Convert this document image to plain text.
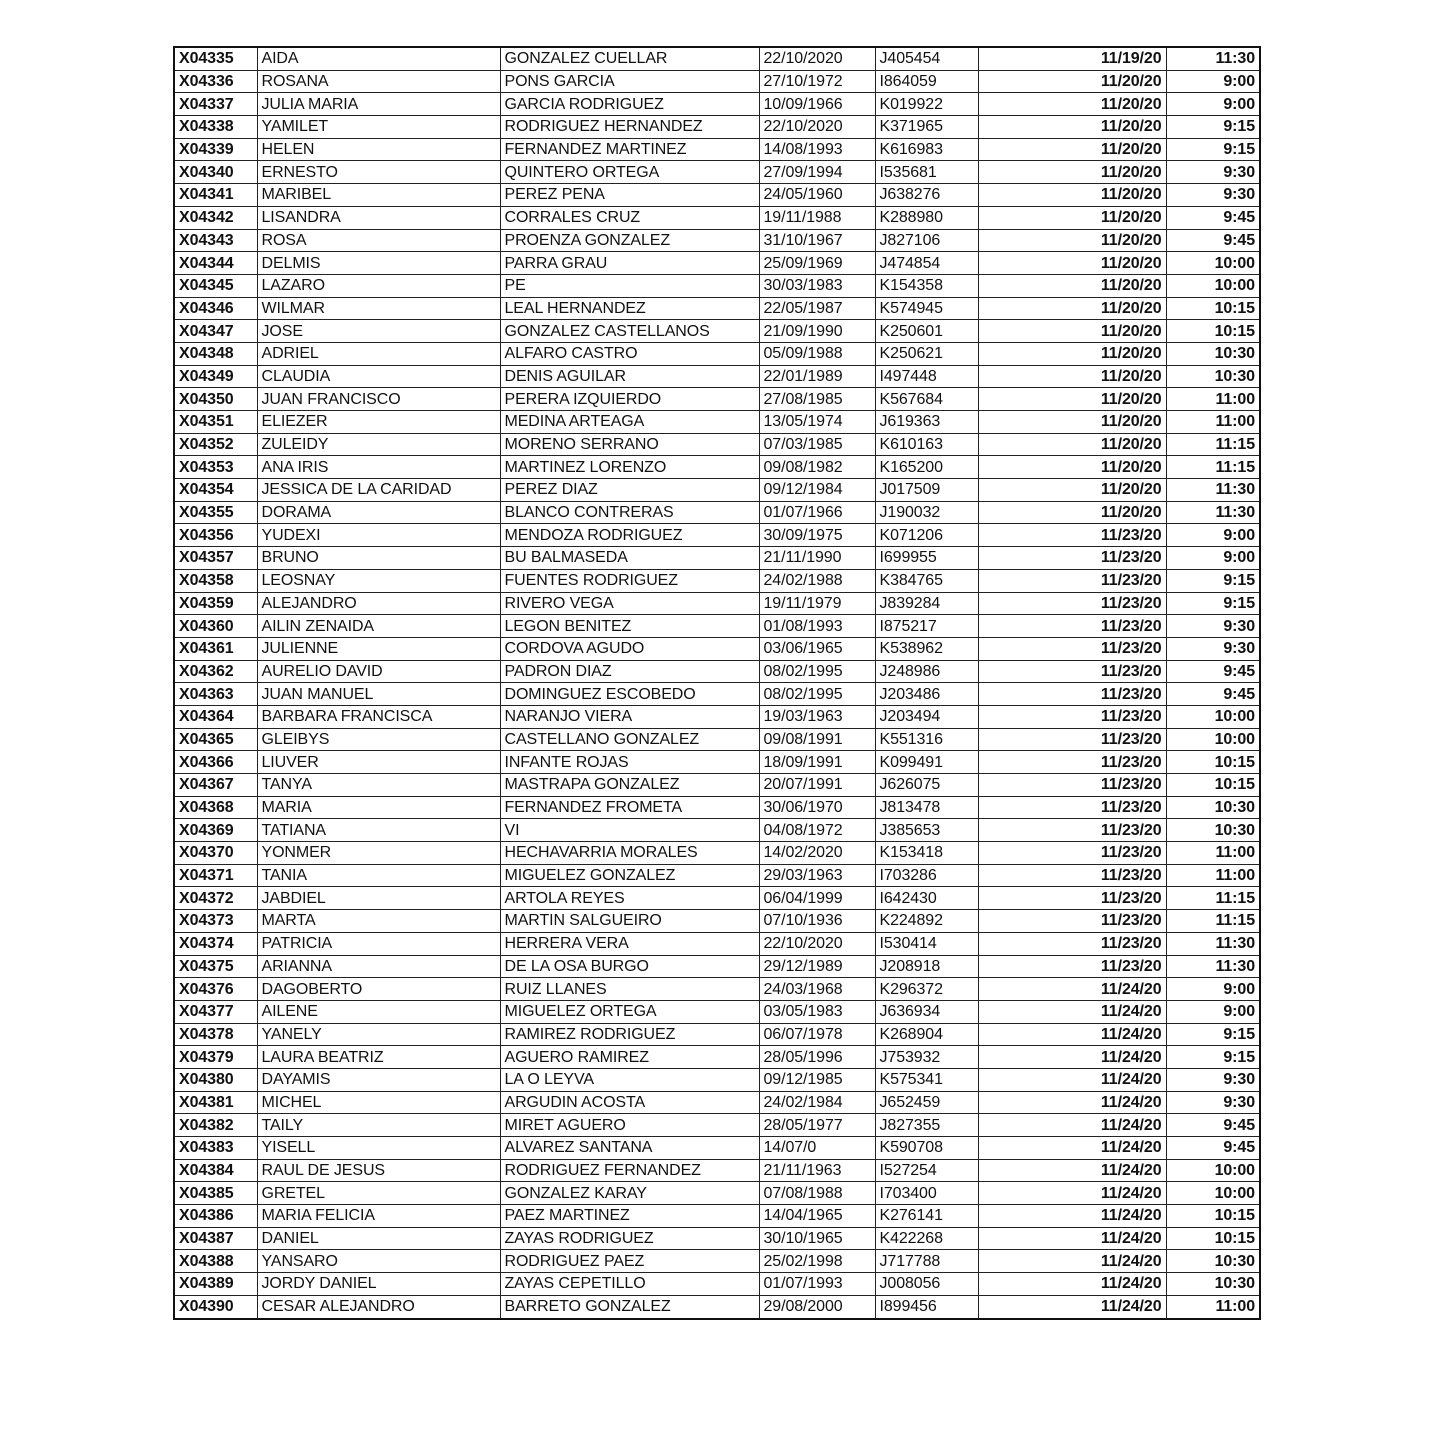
X04335	AIDA	GONZALEZ CUELLAR	22/10/2020	J405454	11/19/20	11:30
X04336	ROSANA	PONS GARCIA	27/10/1972	I864059	11/20/20	9:00
X04337	JULIA MARIA	GARCIA RODRIGUEZ	10/09/1966	K019922	11/20/20	9:00
X04338	YAMILET	RODRIGUEZ HERNANDEZ	22/10/2020	K371965	11/20/20	9:15
X04339	HELEN	FERNANDEZ MARTINEZ	14/08/1993	K616983	11/20/20	9:15
X04340	ERNESTO	QUINTERO ORTEGA	27/09/1994	I535681	11/20/20	9:30
X04341	MARIBEL	PEREZ PENA	24/05/1960	J638276	11/20/20	9:30
X04342	LISANDRA	CORRALES CRUZ	19/11/1988	K288980	11/20/20	9:45
X04343	ROSA	PROENZA GONZALEZ	31/10/1967	J827106	11/20/20	9:45
X04344	DELMIS	PARRA GRAU	25/09/1969	J474854	11/20/20	10:00
X04345	LAZARO	PE	30/03/1983	K154358	11/20/20	10:00
X04346	WILMAR	LEAL HERNANDEZ	22/05/1987	K574945	11/20/20	10:15
X04347	JOSE	GONZALEZ CASTELLANOS	21/09/1990	K250601	11/20/20	10:15
X04348	ADRIEL	ALFARO CASTRO	05/09/1988	K250621	11/20/20	10:30
X04349	CLAUDIA	DENIS AGUILAR	22/01/1989	I497448	11/20/20	10:30
X04350	JUAN FRANCISCO	PERERA IZQUIERDO	27/08/1985	K567684	11/20/20	11:00
X04351	ELIEZER	MEDINA ARTEAGA	13/05/1974	J619363	11/20/20	11:00
X04352	ZULEIDY	MORENO SERRANO	07/03/1985	K610163	11/20/20	11:15
X04353	ANA IRIS	MARTINEZ LORENZO	09/08/1982	K165200	11/20/20	11:15
X04354	JESSICA DE LA CARIDAD	PEREZ DIAZ	09/12/1984	J017509	11/20/20	11:30
X04355	DORAMA	BLANCO CONTRERAS	01/07/1966	J190032	11/20/20	11:30
X04356	YUDEXI	MENDOZA RODRIGUEZ	30/09/1975	K071206	11/23/20	9:00
X04357	BRUNO	BU BALMASEDA	21/11/1990	I699955	11/23/20	9:00
X04358	LEOSNAY	FUENTES RODRIGUEZ	24/02/1988	K384765	11/23/20	9:15
X04359	ALEJANDRO	RIVERO VEGA	19/11/1979	J839284	11/23/20	9:15
X04360	AILIN ZENAIDA	LEGON BENITEZ	01/08/1993	I875217	11/23/20	9:30
X04361	JULIENNE	CORDOVA AGUDO	03/06/1965	K538962	11/23/20	9:30
X04362	AURELIO DAVID	PADRON DIAZ	08/02/1995	J248986	11/23/20	9:45
X04363	JUAN MANUEL	DOMINGUEZ ESCOBEDO	08/02/1995	J203486	11/23/20	9:45
X04364	BARBARA FRANCISCA	NARANJO VIERA	19/03/1963	J203494	11/23/20	10:00
X04365	GLEIBYS	CASTELLANO GONZALEZ	09/08/1991	K551316	11/23/20	10:00
X04366	LIUVER	INFANTE ROJAS	18/09/1991	K099491	11/23/20	10:15
X04367	TANYA	MASTRAPA GONZALEZ	20/07/1991	J626075	11/23/20	10:15
X04368	MARIA	FERNANDEZ FROMETA	30/06/1970	J813478	11/23/20	10:30
X04369	TATIANA	VI	04/08/1972	J385653	11/23/20	10:30
X04370	YONMER	HECHAVARRIA MORALES	14/02/2020	K153418	11/23/20	11:00
X04371	TANIA	MIGUELEZ GONZALEZ	29/03/1963	I703286	11/23/20	11:00
X04372	JABDIEL	ARTOLA REYES	06/04/1999	I642430	11/23/20	11:15
X04373	MARTA	MARTIN SALGUEIRO	07/10/1936	K224892	11/23/20	11:15
X04374	PATRICIA	HERRERA VERA	22/10/2020	I530414	11/23/20	11:30
X04375	ARIANNA	DE LA OSA BURGO	29/12/1989	J208918	11/23/20	11:30
X04376	DAGOBERTO	RUIZ LLANES	24/03/1968	K296372	11/24/20	9:00
X04377	AILENE	MIGUELEZ ORTEGA	03/05/1983	J636934	11/24/20	9:00
X04378	YANELY	RAMIREZ RODRIGUEZ	06/07/1978	K268904	11/24/20	9:15
X04379	LAURA BEATRIZ	AGUERO RAMIREZ	28/05/1996	J753932	11/24/20	9:15
X04380	DAYAMIS	LA O LEYVA	09/12/1985	K575341	11/24/20	9:30
X04381	MICHEL	ARGUDIN ACOSTA	24/02/1984	J652459	11/24/20	9:30
X04382	TAILY	MIRET AGUERO	28/05/1977	J827355	11/24/20	9:45
X04383	YISELL	ALVAREZ SANTANA	14/07/0	K590708	11/24/20	9:45
X04384	RAUL DE JESUS	RODRIGUEZ FERNANDEZ	21/11/1963	I527254	11/24/20	10:00
X04385	GRETEL	GONZALEZ KARAY	07/08/1988	I703400	11/24/20	10:00
X04386	MARIA FELICIA	PAEZ MARTINEZ	14/04/1965	K276141	11/24/20	10:15
X04387	DANIEL	ZAYAS RODRIGUEZ	30/10/1965	K422268	11/24/20	10:15
X04388	YANSARO	RODRIGUEZ PAEZ	25/02/1998	J717788	11/24/20	10:30
X04389	JORDY DANIEL	ZAYAS CEPETILLO	01/07/1993	J008056	11/24/20	10:30
X04390	CESAR ALEJANDRO	BARRETO GONZALEZ	29/08/2000	I899456	11/24/20	11:00
